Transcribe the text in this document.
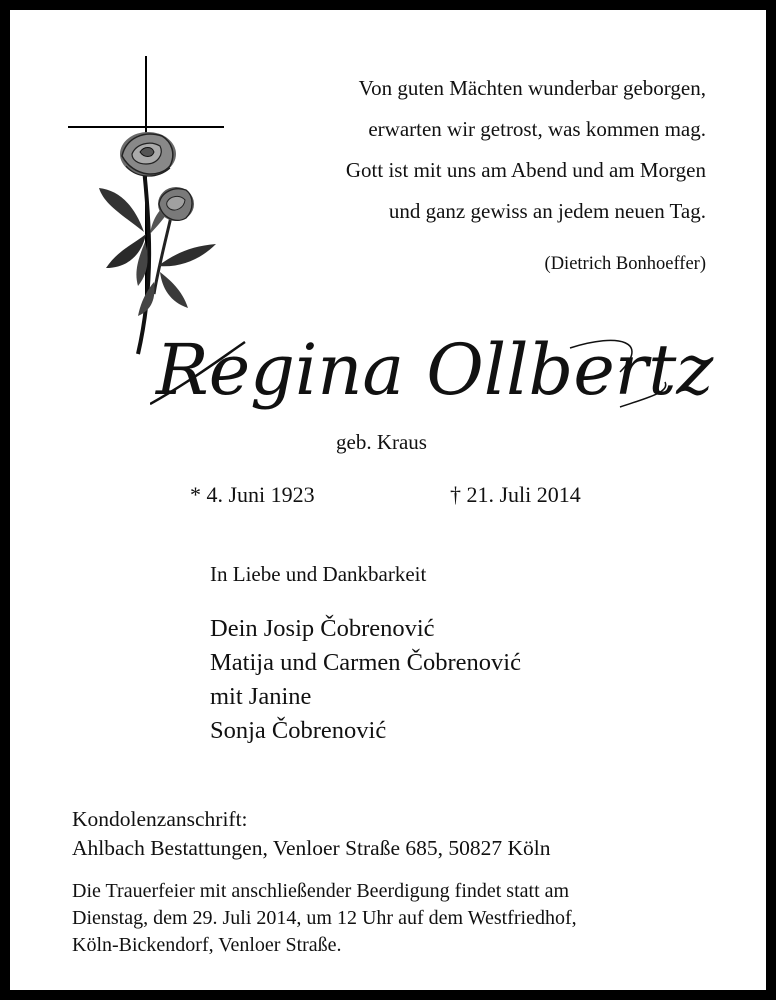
Von guten Mächten wunderbar geborgen,
erwarten wir getrost, was kommen mag.
Gott ist mit uns am Abend und am Morgen
und ganz gewiss an jedem neuen Tag.
(Dietrich Bonhoeffer)
Regina Ollbertz
geb. Kraus
* 4. Juni 1923	† 21. Juli 2014
In Liebe und Dankbarkeit
Dein Josip Čobrenović
Matija und Carmen Čobrenović
mit Janine
Sonja Čobrenović
Kondolenzanschrift:
Ahlbach Bestattungen, Venloer Straße 685, 50827 Köln
Die Trauerfeier mit anschließender Beerdigung findet statt am
Dienstag, dem 29. Juli 2014, um 12 Uhr auf dem Westfriedhof,
Köln-Bickendorf, Venloer Straße.
